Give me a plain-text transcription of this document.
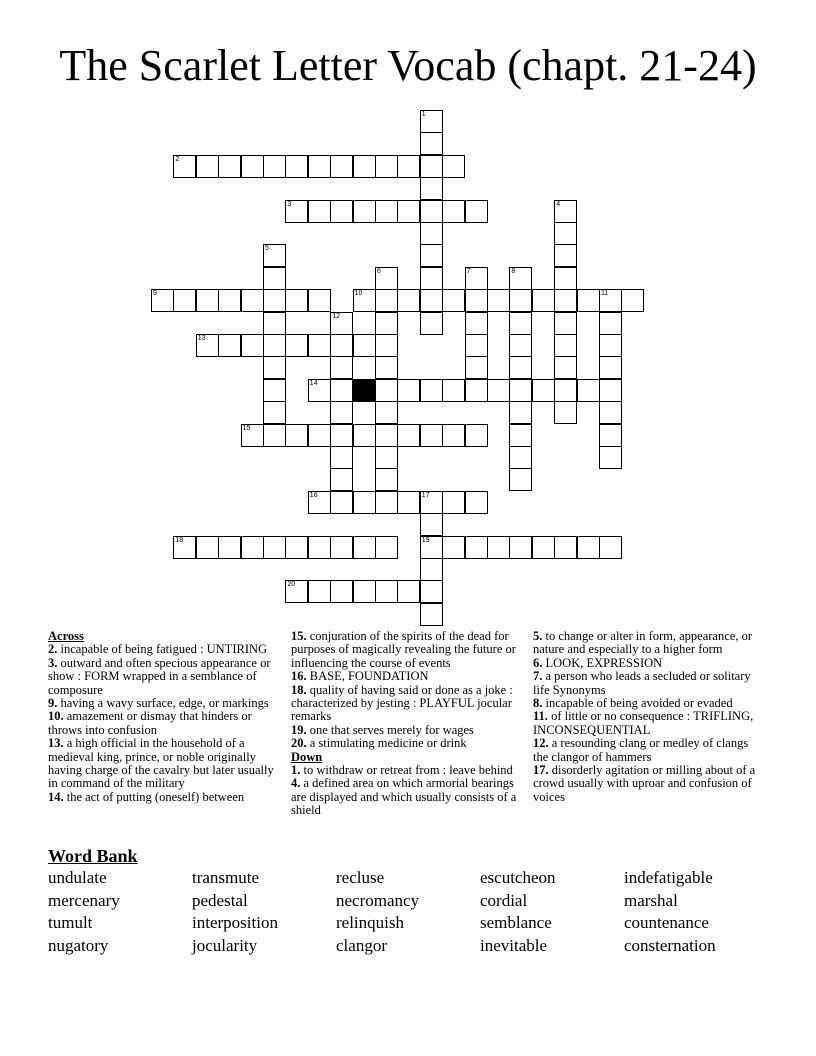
The Scarlet Letter Vocab (chapt. 21-24)
2
3
9	10	11
13
14
15
16	17
18	19
20
1
4
5
6	7	8
12
Across
2. incapable of being fatigued : UNTIRING
3. outward and often specious appearance or show : FORM wrapped in a semblance of composure
9. having a wavy surface, edge, or markings
10. amazement or dismay that hinders or throws into confusion
13. a high official in the household of a medieval king, prince, or noble originally having charge of the cavalry but later usually in command of the military
14. the act of putting (oneself) between
15. conjuration of the spirits of the dead for purposes of magically revealing the future or influencing the course of events
16. BASE, FOUNDATION
18. quality of having said or done as a joke : characterized by jesting : PLAYFUL jocular remarks
19. one that serves merely for wages
20. a stimulating medicine or drink
Down
1. to withdraw or retreat from : leave behind
4. a defined area on which armorial bearings are displayed and which usually consists of a shield
5. to change or alter in form, appearance, or nature and especially to a higher form
6. LOOK, EXPRESSION
7. a person who leads a secluded or solitary life Synonyms
8. incapable of being avoided or evaded
11. of little or no consequence : TRIFLING, INCONSEQUENTIAL
12. a resounding clang or medley of clangs the clangor of hammers
17. disorderly agitation or milling about of a crowd usually with uproar and confusion of voices
Word Bank
undulate	transmute	recluse	escutcheon	indefatigable
mercenary	pedestal	necromancy	cordial	marshal
tumult	interposition	relinquish	semblance	countenance
nugatory	jocularity	clangor	inevitable	consternation
